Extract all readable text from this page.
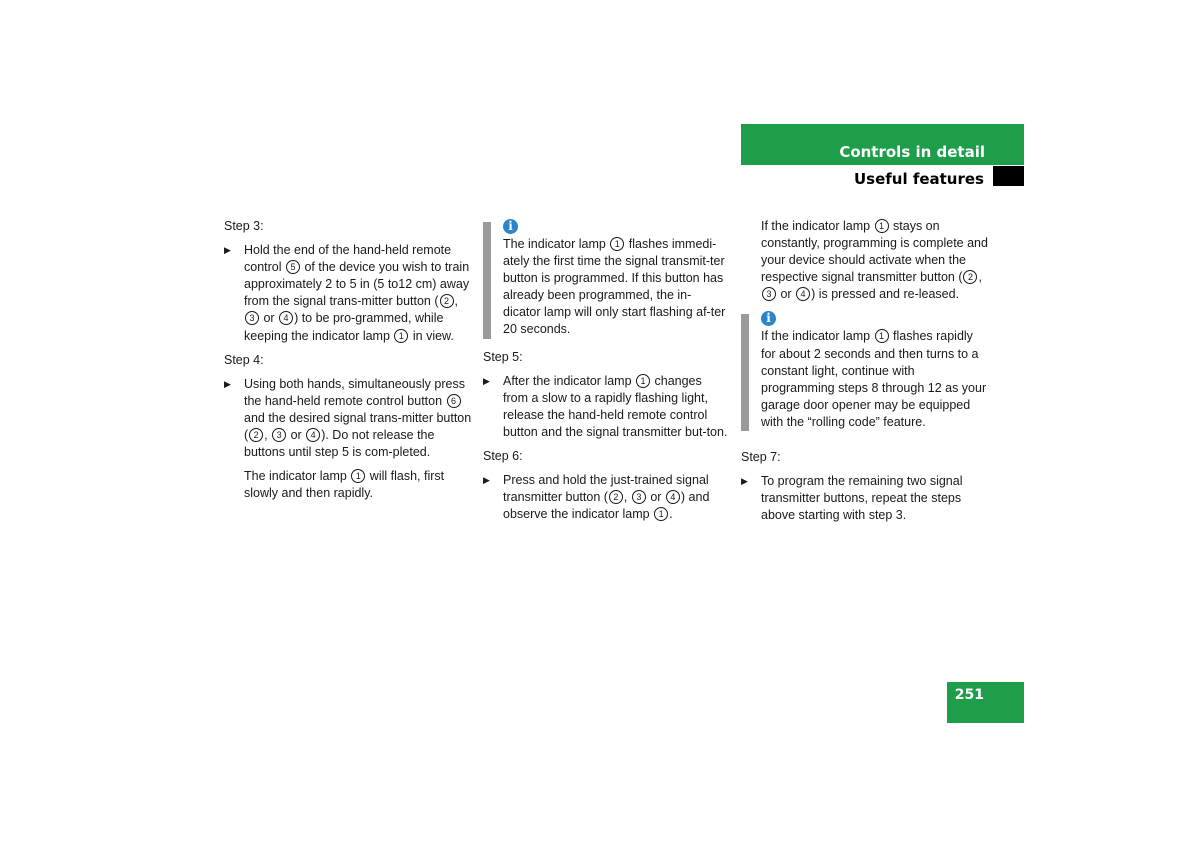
Controls in detail
Useful features

Step 3:

▶ Hold the end of the hand-held remote control 5 of the device you wish to train approximately 2 to 5 in (5 to12 cm) away from the signal trans-mitter button ( 2 , 3 or 4 ) to be pro-grammed, while keeping the indicator lamp 1 in view.

Step 4:

▶ Using both hands, simultaneously press the hand-held remote control button 6 and the desired signal trans-mitter button ( 2 , 3 or 4 ). Do not release the buttons until step 5 is com-pleted.

The indicator lamp 1 will flash, first slowly and then rapidly.

i

The indicator lamp 1 flashes immedi-ately the first time the signal transmit-ter button is programmed. If this button has already been programmed, the in-dicator lamp will only start flashing af-ter 20 seconds.

Step 5:

▶ After the indicator lamp 1 changes from a slow to a rapidly flashing light, release the hand-held remote control button and the signal transmitter but-ton.

Step 6:

▶ Press and hold the just-trained signal transmitter button ( 2 , 3 or 4 ) and observe the indicator lamp 1 .

If the indicator lamp 1 stays on constantly, programming is complete and your device should activate when the respective signal transmitter button ( 2 , 3 or 4 ) is pressed and re-leased.

i

If the indicator lamp 1 flashes rapidly for about 2 seconds and then turns to a constant light, continue with programming steps 8 through 12 as your garage door opener may be equipped with the “rolling code” feature.

Step 7:

▶ To program the remaining two signal transmitter buttons, repeat the steps above starting with step 3.
251
